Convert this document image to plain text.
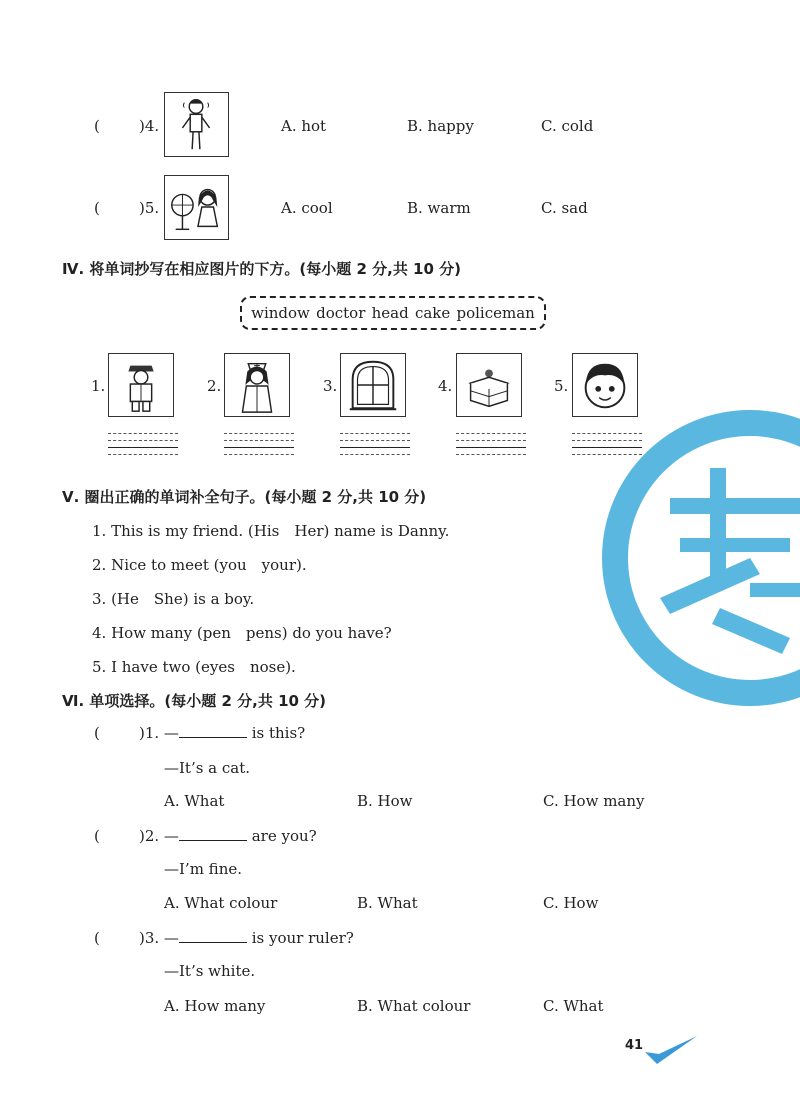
(	)4.	A. hot	B. happy	C. cold
(	)5.	A. cool	B. warm	C. sad
Ⅳ. 将单词抄写在相应图片的下方。(每小题 2 分,共 10 分)
window doctor head cake policeman
1.	2.	3.	4.	5.
Ⅴ. 圈出正确的单词补全句子。(每小题 2 分,共 10 分)
1. This is my friend. (His　Her) name is Danny.
2. Nice to meet (you　your).
3. (He　She) is a boy.
4. How many (pen　pens) do you have?
5. I have two (eyes　nose).
Ⅵ. 单项选择。(每小题 2 分,共 10 分)
(	)1. —	is this?
—It’s a cat.
A. What	B. How	C. How many
(	)2. —	are you?
—I’m fine.
A. What colour	B. What	C. How
(	)3. —	is your ruler?
—It’s white.
A. How many	B. What colour	C. What
41
